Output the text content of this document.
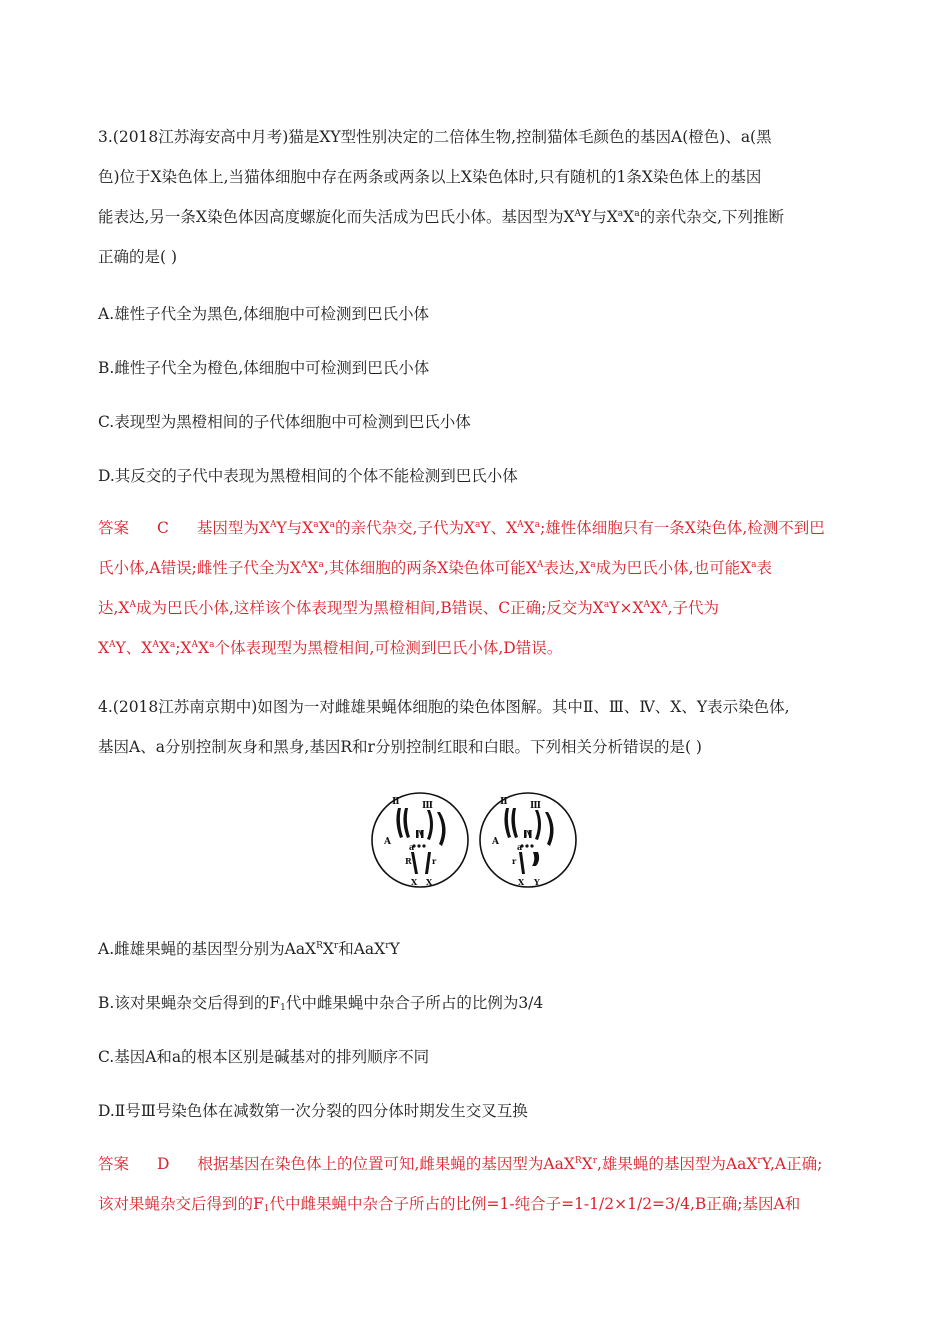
3.(2018江苏海安高中月考)猫是XY型性别决定的二倍体生物,控制猫体毛颜色的基因A(橙色)、a(黑

色)位于X染色体上,当猫体细胞中存在两条或两条以上X染色体时,只有随机的1条X染色体上的基因

能表达,另一条X染色体因高度螺旋化而失活成为巴氏小体。基因型为$X^AY$与$X^aX^a$的亲代杂交,下列推断

正确的是( )

A.雄性子代全为黑色,体细胞中可检测到巴氏小体

B.雌性子代全为橙色,体细胞中可检测到巴氏小体

C.表现型为黑橙相间的子代体细胞中可检测到巴氏小体

D.其反交的子代中表现为黑橙相间的个体不能检测到巴氏小体

答案 C 基因型为$X^AY$与$X^aX^a$的亲代杂交,子代为$X^aY$、$X^AX^a$;雄性体细胞只有一条X染色体,检测不到巴

氏小体,A错误;雌性子代全为$X^AX^a$,其体细胞的两条X染色体可能$X^A$表达$,X^a$成为巴氏小体,也可能$X^a$表

达$,X^A$成为巴氏小体,这样该个体表现型为黑橙相间,B错误、C正确;反交为$X^aY\times X^AX^A$,子代为

$X^AY$、$X^AX^a;X^AX^a$个体表现型为黑橙相间,可检测到巴氏小体,D错误。

4.(2018江苏南京期中)如图为一对雌雄果蝇体细胞的染色体图解。其中Ⅱ、Ⅲ、Ⅳ、X、Y表示染色体,

基因A、a分别控制灰身和黑身,基因R和r分别控制红眼和白眼。下列相关分析错误的是( )

Ⅱ Ⅲ
Ⅳ
A a
R	r
X X
Ⅱ Ⅲ
Ⅳ
A a
r
X Y

A.雌雄果蝇的基因型分别为$AaX^RX^r$和AaX$^r$Y

B.该对果蝇杂交后得到的$F_1$代中雌果蝇中杂合子所占的比例为3/4

C.基因A和a的根本区别是碱基对的排列顺序不同

D.Ⅱ号Ⅲ号染色体在减数第一次分裂的四分体时期发生交叉互换

答案 D 根据基因在染色体上的位置可知,雌果蝇的基因型为$AaX^RX^r$,雄果蝇的基因型为AaX$^r$Y,A正确;

该对果蝇杂交后得到的$F_1$代中雌果蝇中杂合子所占的比例=1-纯合子=1-1/2×1/2=3/4,B正确;基因A和
